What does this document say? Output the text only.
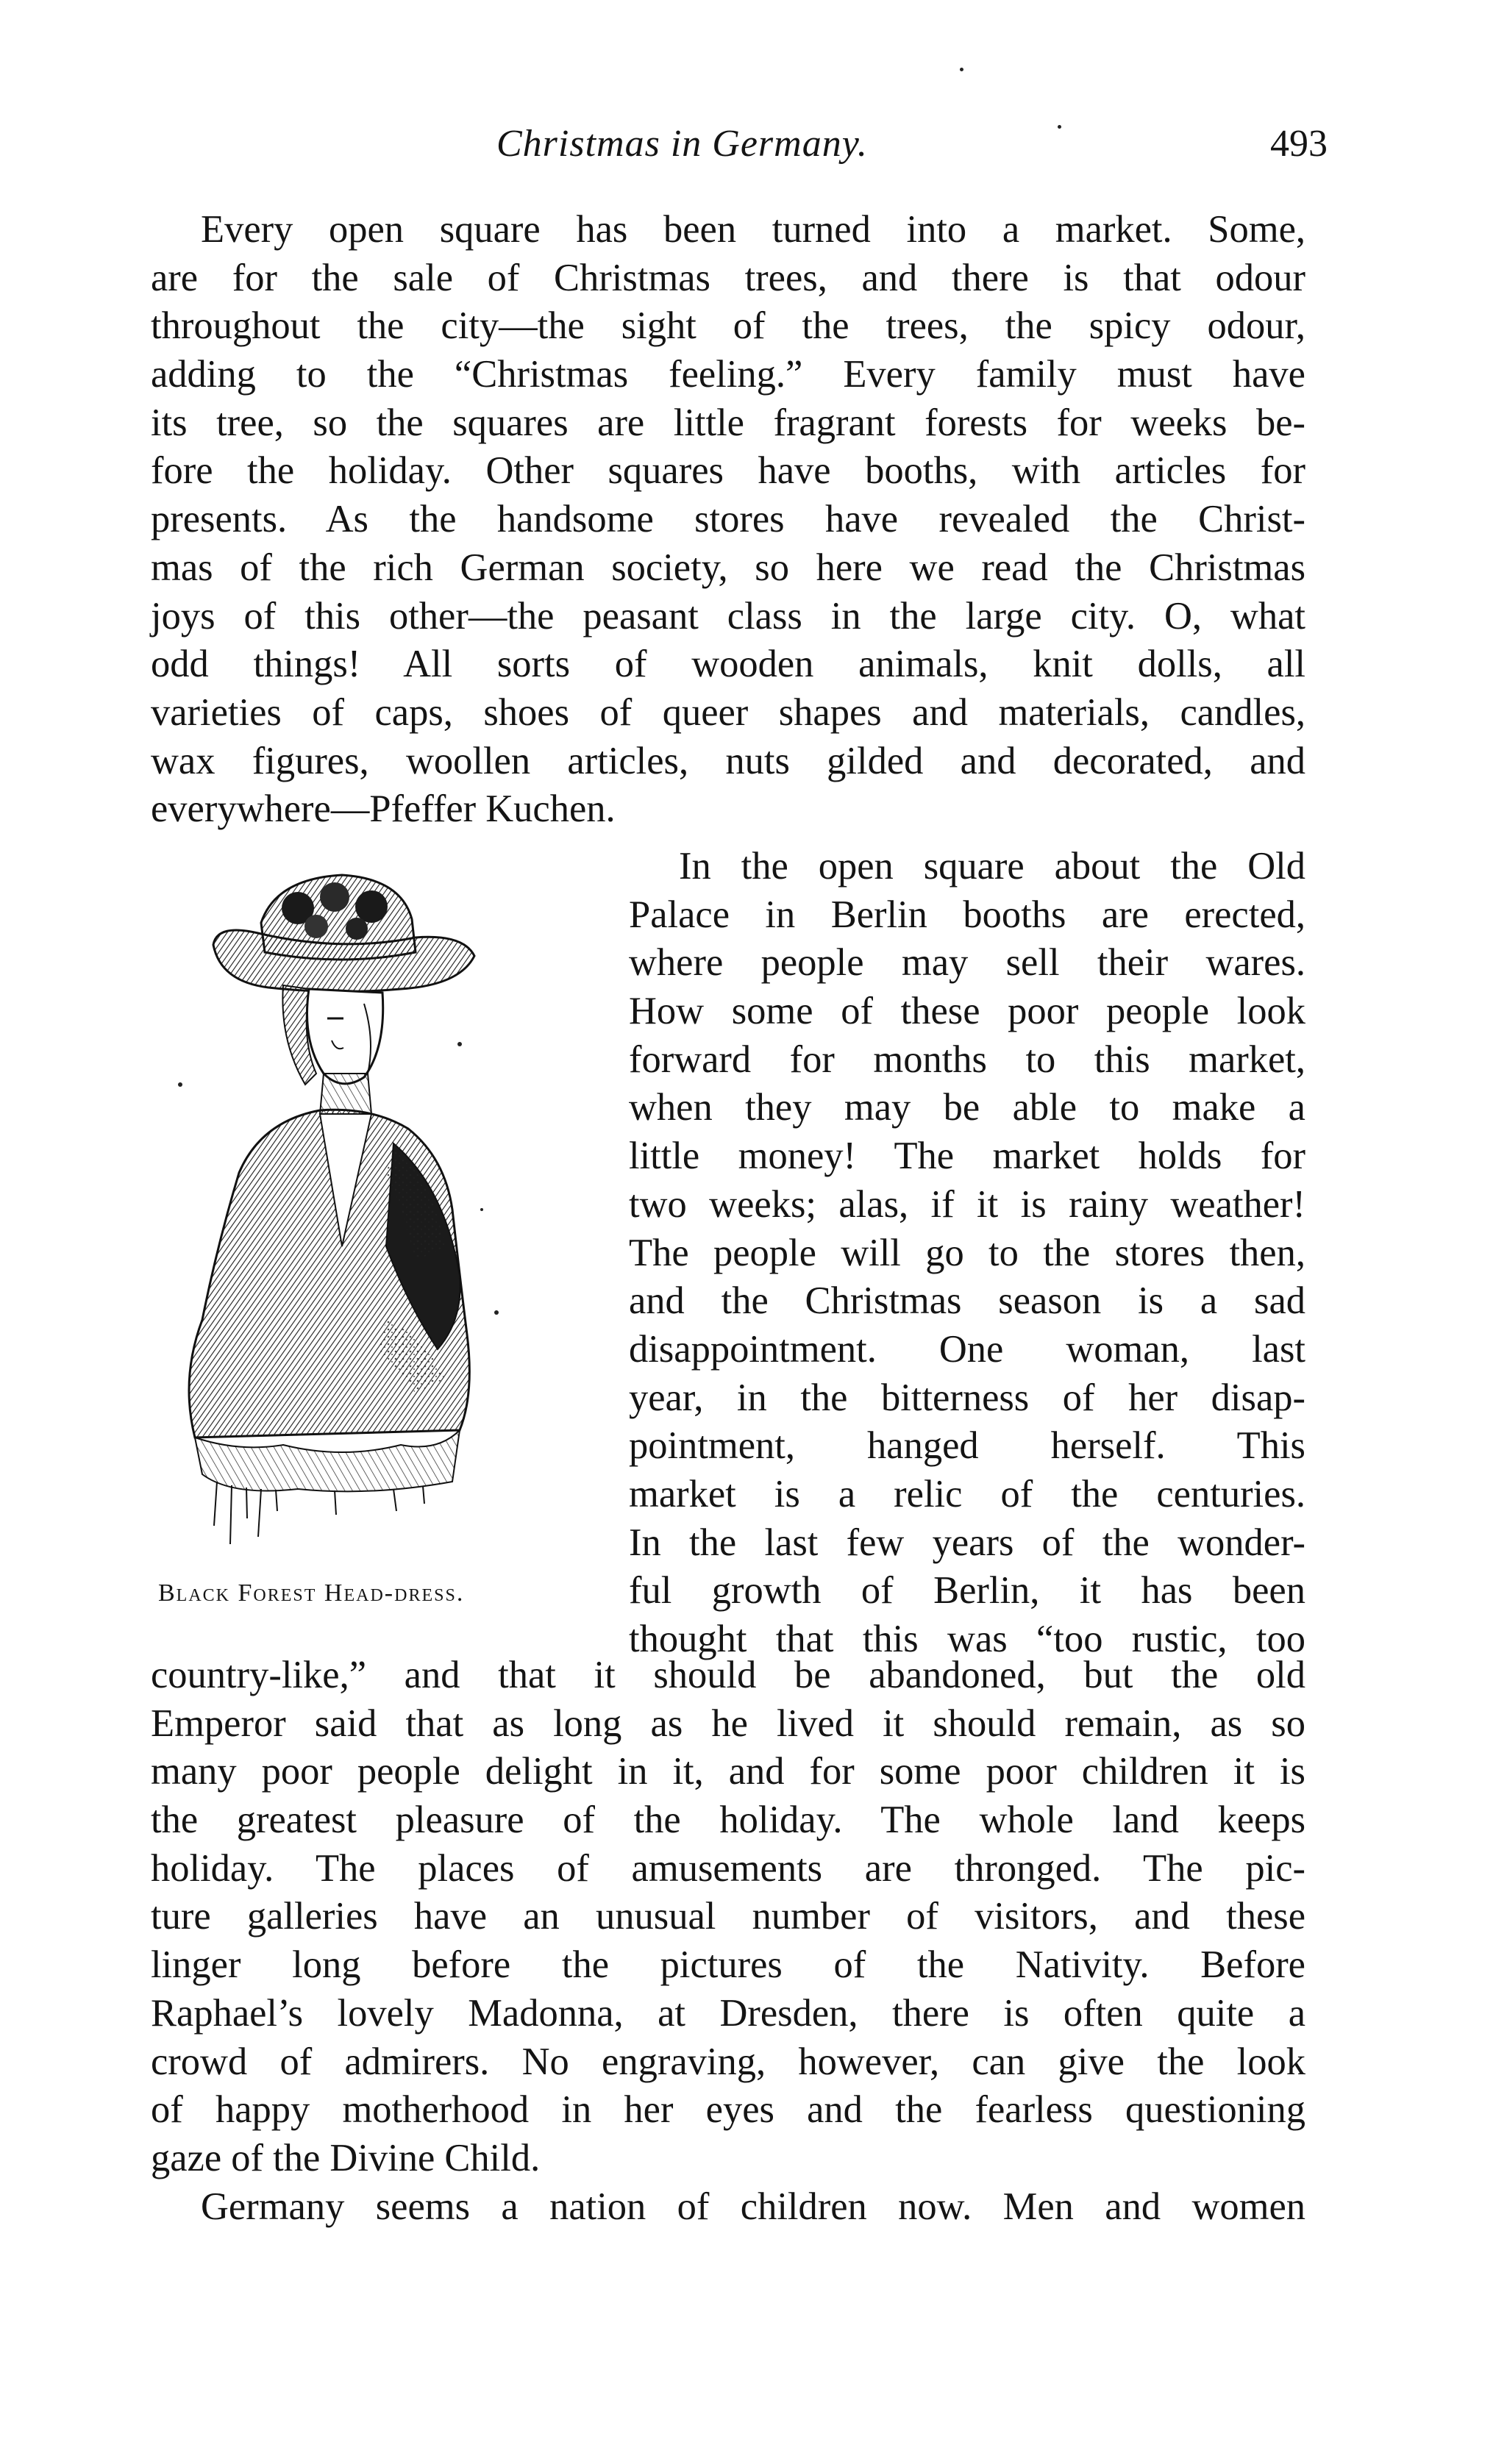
Christmas in Germany.	493
Every open square has been turned into a market. Some,
are for the sale of Christmas trees, and there is that odour
throughout the city—the sight of the trees, the spicy odour,
adding to the “Christmas feeling.” Every family must have
its tree, so the squares are little fragrant forests for weeks be-
fore the holiday. Other squares have booths, with articles for
presents. As the handsome stores have revealed the Christ-
mas of the rich German society, so here we read the Christmas
joys of this other—the peasant class in the large city. O, what
odd things! All sorts of wooden animals, knit dolls, all
varieties of caps, shoes of queer shapes and materials, candles,
wax figures, woollen articles, nuts gilded and decorated, and
everywhere—Pfeffer Kuchen.
Black Forest Head-dress.
In the open square about the Old
Palace in Berlin booths are erected,
where people may sell their wares.
How some of these poor people look
forward for months to this market,
when they may be able to make a
little money! The market holds for
two weeks; alas, if it is rainy weather!
The people will go to the stores then,
and the Christmas season is a sad
disappointment. One woman, last
year, in the bitterness of her disap-
pointment, hanged herself. This
market is a relic of the centuries.
In the last few years of the wonder-
ful growth of Berlin, it has been
thought that this was “too rustic, too
country-like,” and that it should be abandoned, but the old
Emperor said that as long as he lived it should remain, as so
many poor people delight in it, and for some poor children it is
the greatest pleasure of the holiday. The whole land keeps
holiday. The places of amusements are thronged. The pic-
ture galleries have an unusual number of visitors, and these
linger long before the pictures of the Nativity. Before
Raphael’s lovely Madonna, at Dresden, there is often quite a
crowd of admirers. No engraving, however, can give the look
of happy motherhood in her eyes and the fearless questioning
gaze of the Divine Child.
Germany seems a nation of children now. Men and women
